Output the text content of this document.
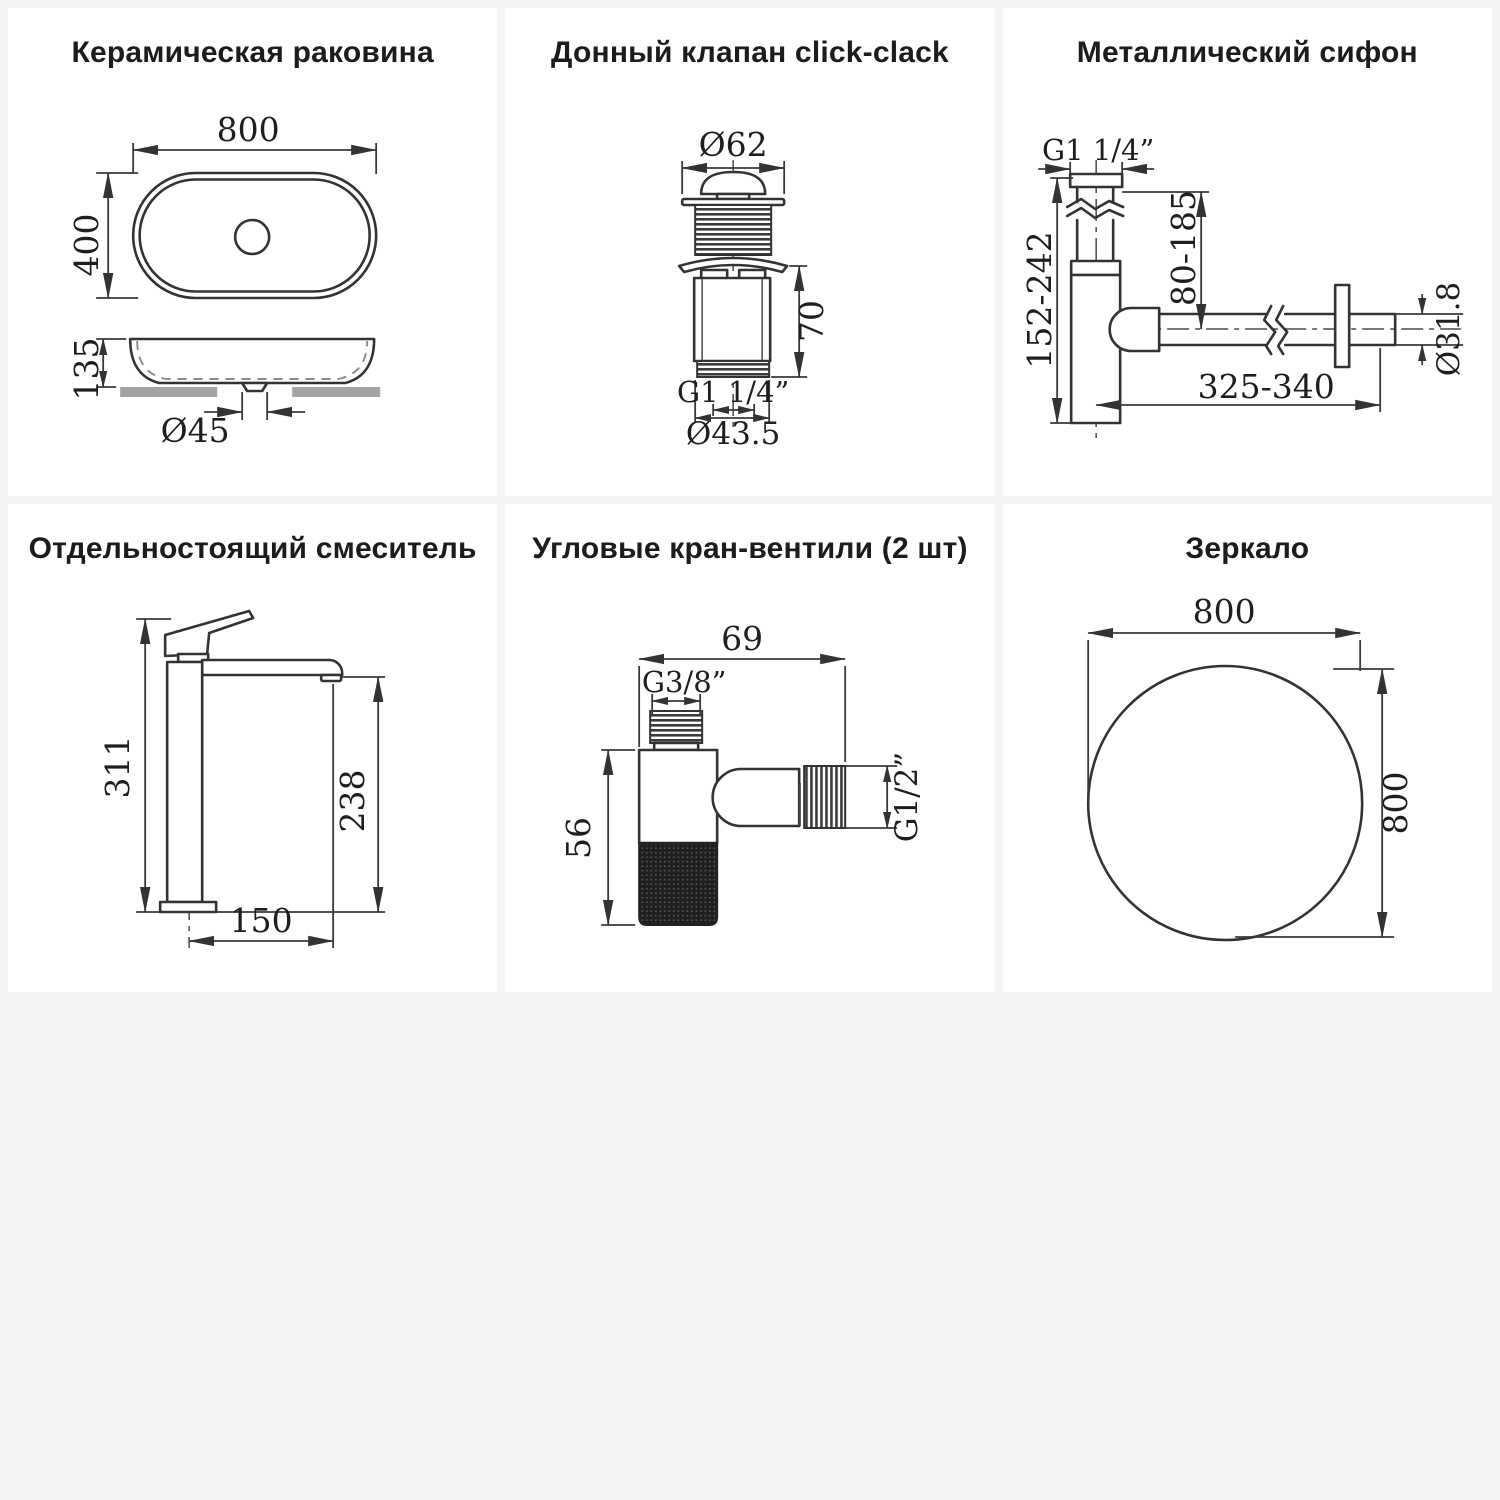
Керамическая раковина
800
400
135
Ø45
Донный клапан click-clack
Ø62
70
G1 1/4”
Ø43.5
Металлический сифон
G1 1/4”
80-185
152-242	Ø31.8
325-340
Отдельностоящий смеситель
311
238
150
Угловые кран-вентили (2 шт)
69
G3/8”
56	G1/2”
Зеркало
800
800
